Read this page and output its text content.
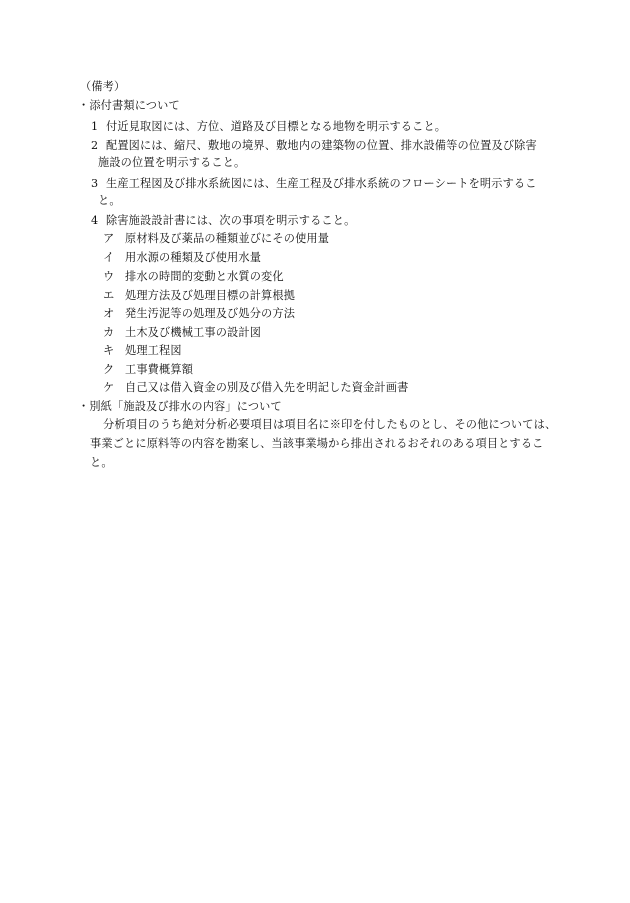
（備考）
・添付書類について
1 付近見取図には、方位、道路及び目標となる地物を明示すること。
2 配置図には、縮尺、敷地の境界、敷地内の建築物の位置、排水設備等の位置及び除害
施設の位置を明示すること。
3 生産工程図及び排水系統図には、生産工程及び排水系統のフローシートを明示するこ
と。
4 除害施設設計書には、次の事項を明示すること。
ア 原材料及び薬品の種類並びにその使用量
イ 用水源の種類及び使用水量
ウ 排水の時間的変動と水質の変化
エ 処理方法及び処理目標の計算根拠
オ 発生汚泥等の処理及び処分の方法
カ 土木及び機械工事の設計図
キ 処理工程図
ク 工事費概算額
ケ 自己又は借入資金の別及び借入先を明記した資金計画書
・別紙「施設及び排水の内容」について
分析項目のうち絶対分析必要項目は項目名に※印を付したものとし、その他については、
事業ごとに原料等の内容を勘案し、当該事業場から排出されるおそれのある項目とするこ
と。
